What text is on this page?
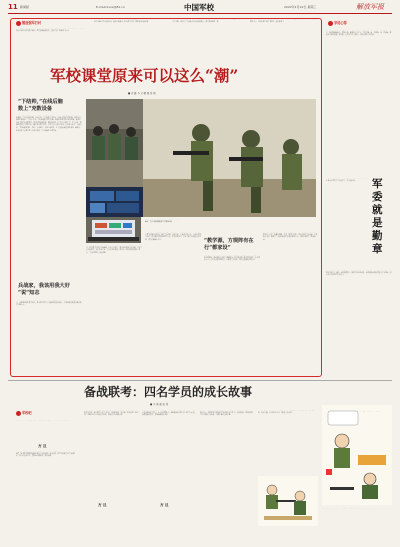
11 新闻版	E-mail:xxxx@81.cn	中国军校	2022年1月12日 星期三	解放军报
锻造强军打村
学院党委坚持以学员为中心，持续推动课堂教学改革，构建线上线下融合的教学新模式，让学员在沉浸式体验中提升能力素质，教学质量稳步提升，受到学员广泛欢迎与认可。
“教学要有这样一种“度”的把握，这是学员成长的需要，也是课堂生命力所在。”某教研室主任说，近年来他们坚持问题导向，聚焦实战需求，推动教学内容与部队建设同步更新。
学院某系统课程组在教学实践中大胆探索，将虚拟仿真、情景模拟等手段引入课堂，既激发了学员学习兴趣，又提升了学员解决实际问题的能力，课堂氛围焕然一新。
去年以来，学院共组织开展教学观摩活动十余次，形成了一批可复制可推广的教学经验，教员们纷纷表示，这样的课堂更有“潮”味，也更接地气。
军校课堂原来可以这么“潮”
■ 许 峰 李 金 朝 周 伟 明
“下结帅，”在线后脑
数上“充数设备
开训伊始，某学员队组织了一场别开生面的教学展示课。课堂上，教员通过大屏幕实时展示训练数据，学员们分组讨论，各抒己见，学习氛围十分浓厚。“以前上课总觉得枯燥，现在每节课都有新收获。”学员小李说。学院着眼提升教学质量，积极推进教学模式改革创新，依托信息化手段打造智慧课堂，把课堂搬到训练场、搬到演兵场，让学员在实践中学、在学中练。课程组教员结合部队实际，精心设计教学情景，引导学员在对抗中思考，在思考中成长。与此同时，学院还邀请部队一线骨干走进课堂，分享实战经验，让学员提前感受部队氛围。据统计，改革以来学员课堂参与度明显提高，学习积极性显著增强。
兵战家，我该用我大好
“说”知志
“教学实践表明，只有把学员真正放在课堂中央，才能激发学习的内生动力。”该院领导介绍，下一步将继续深化教学改革，推动课堂教学与实战化训练深度融合，为部队输送更多高素质新型军事人才。
国防科技大学：学员在实训课上进行战术协同训练
图①：学员实操训练模拟平台现场画面
课堂教学是人才培养的主渠道，学院坚持教为战、学为战，将最新战例引入课堂，推动教学内容向实战靠拢。在某专业课上，教员以近期演习为案例，引导学员分析研判，制定作战方案。学员们分组推演，课堂成了没有硝烟的战场。课后，学员们纷纷表示收获颇丰。
“这样的课堂让我们提前进入角色。”学员小王说。为提升教学实效，学院还建立了教学质量评估机制，通过学员评教、同行评议、专家督导等方式，全面检验教学成效，推动教员不断改进教学方法，提升授课水平，形成了比学赶超的良好氛围，教学质量稳中有升。	“教学源，方规阵有在
行“都家设”
教员是课堂的组织者和引导者，学院大力加强教员队伍建设，选派骨干教员赴部队代职锻炼，邀请部队专家参与课程建设，推动教员能力素质整体跃升。不少教员表示，走出去才能把课讲活，才能把学员带好，课堂也因此更有吸引力。
据了解，学院将以此次教学改革为契机，持续推进课程体系建设，完善教学保障条件，打造一批精品课程，形成一批教学成果，努力建设让学员满意、让部队认可的一流课堂，为强军事业培养更多优秀人才，不断开创教学工作新局面。
学员心得
走进军校大门的那一刻起，我便立下誓言，要做一名合格的军人。几年来，在教员的悉心指导下，我不断磨砺意志、锤炼本领，逐渐明白了军人二字的分量。每一次训练，每一次考核，都是对自我的超越。我深知，只有把平时当战时，才能在战场上打得赢。
军
委
就
是
勤
章
训练场上的汗水，见证着我们的成长。那些摸爬滚打的日子，让我真正懂得了什么是担当，什么是使命。
回首军校生活，最难忘的是那些并肩作战的战友和默默付出的教员。他们用行动告诉我，军人的荣光来自于奉献。未来的道路上，我将牢记初心使命，以更加饱满的热情投入学习训练，努力成长为新时代革命军人。
备战联考：四名学员的成长故事
■ 王 迪 张 宏 伟
军校吧
学员们在课余时间积极开展学术交流活动，营造浓厚学习氛围，取得良好效果。
方 旦
在备战联考的日子里，他们相互鼓励、相互帮助，共同克服了一个又一个困难。每天清晨，图书馆里都能看到他们埋头苦读的身影；夜深人静，宿舍里依然亮着学习的灯光。功夫不负有心人，最终他们都取得了优异成绩。
备战联考是一场持久战，需要坚定的意志和科学的方法。四名学员制定了详细的复习计划，每天按时完成学习任务，遇到难题就一起讨论，取长补短。他们说，这段经历让自己收获了知识，更收获了友谊和成长。
方 旦
学员小张回忆说，最困难的时候也曾想过放弃，但看到身边战友都在坚持，自己也重新鼓起了勇气。在大家的帮助下，他逐渐找到了适合自己的学习方法，成绩也稳步提升，最终顺利通过考试。
方 旦
如今，四名学员已分别走上新的岗位，但那段并肩奋斗的日子始终铭记于心。他们表示，将把备考中练就的坚韧品格带到工作中，在新的起点上继续拼搏，书写无悔的青春篇章，为强军事业贡献力量。
学院相关负责人表示，将继续为学员成长成才创造良好条件，激励更多学员奋发进取、追求卓越，在军校这片热土上绽放青春光彩。
学业摘分年终大考已经来临
期末考试将至，学员们正在抓紧复习，以饱满的精神状态迎接年终大考的检验。
